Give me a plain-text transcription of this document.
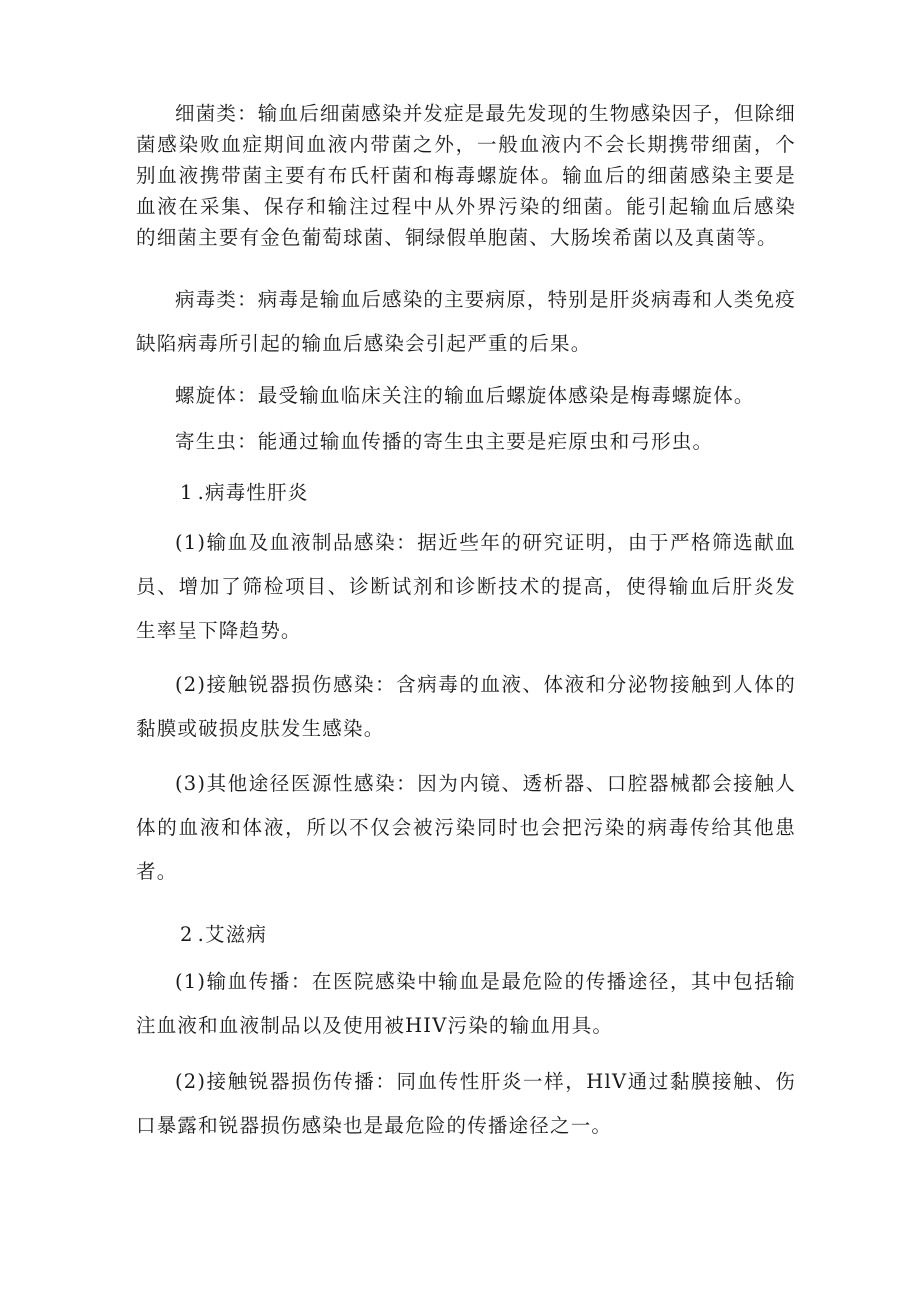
细菌类：输血后细菌感染并发症是最先发现的生物感染因子，但除细菌感染败血症期间血液内带菌之外，一般血液内不会长期携带细菌，个别血液携带菌主要有布氏杆菌和梅毒螺旋体。输血后的细菌感染主要是血液在采集、保存和输注过程中从外界污染的细菌。能引起输血后感染的细菌主要有金色葡萄球菌、铜绿假单胞菌、大肠埃希菌以及真菌等。

病毒类：病毒是输血后感染的主要病原，特别是肝炎病毒和人类免疫缺陷病毒所引起的输血后感染会引起严重的后果。

螺旋体：最受输血临床关注的输血后螺旋体感染是梅毒螺旋体。

寄生虫：能通过输血传播的寄生虫主要是疟原虫和弓形虫。

1 .病毒性肝炎

(1)输血及血液制品感染：据近些年的研究证明，由于严格筛选献血员、增加了筛检项目、诊断试剂和诊断技术的提高，使得输血后肝炎发生率呈下降趋势。

(2)接触锐器损伤感染：含病毒的血液、体液和分泌物接触到人体的黏膜或破损皮肤发生感染。

(3)其他途径医源性感染：因为内镜、透析器、口腔器械都会接触人体的血液和体液，所以不仅会被污染同时也会把污染的病毒传给其他患者。

2 .艾滋病

(1)输血传播：在医院感染中输血是最危险的传播途径，其中包括输注血液和血液制品以及使用被HIV污染的输血用具。

(2)接触锐器损伤传播：同血传性肝炎一样，HlV通过黏膜接触、伤口暴露和锐器损伤感染也是最危险的传播途径之一。
